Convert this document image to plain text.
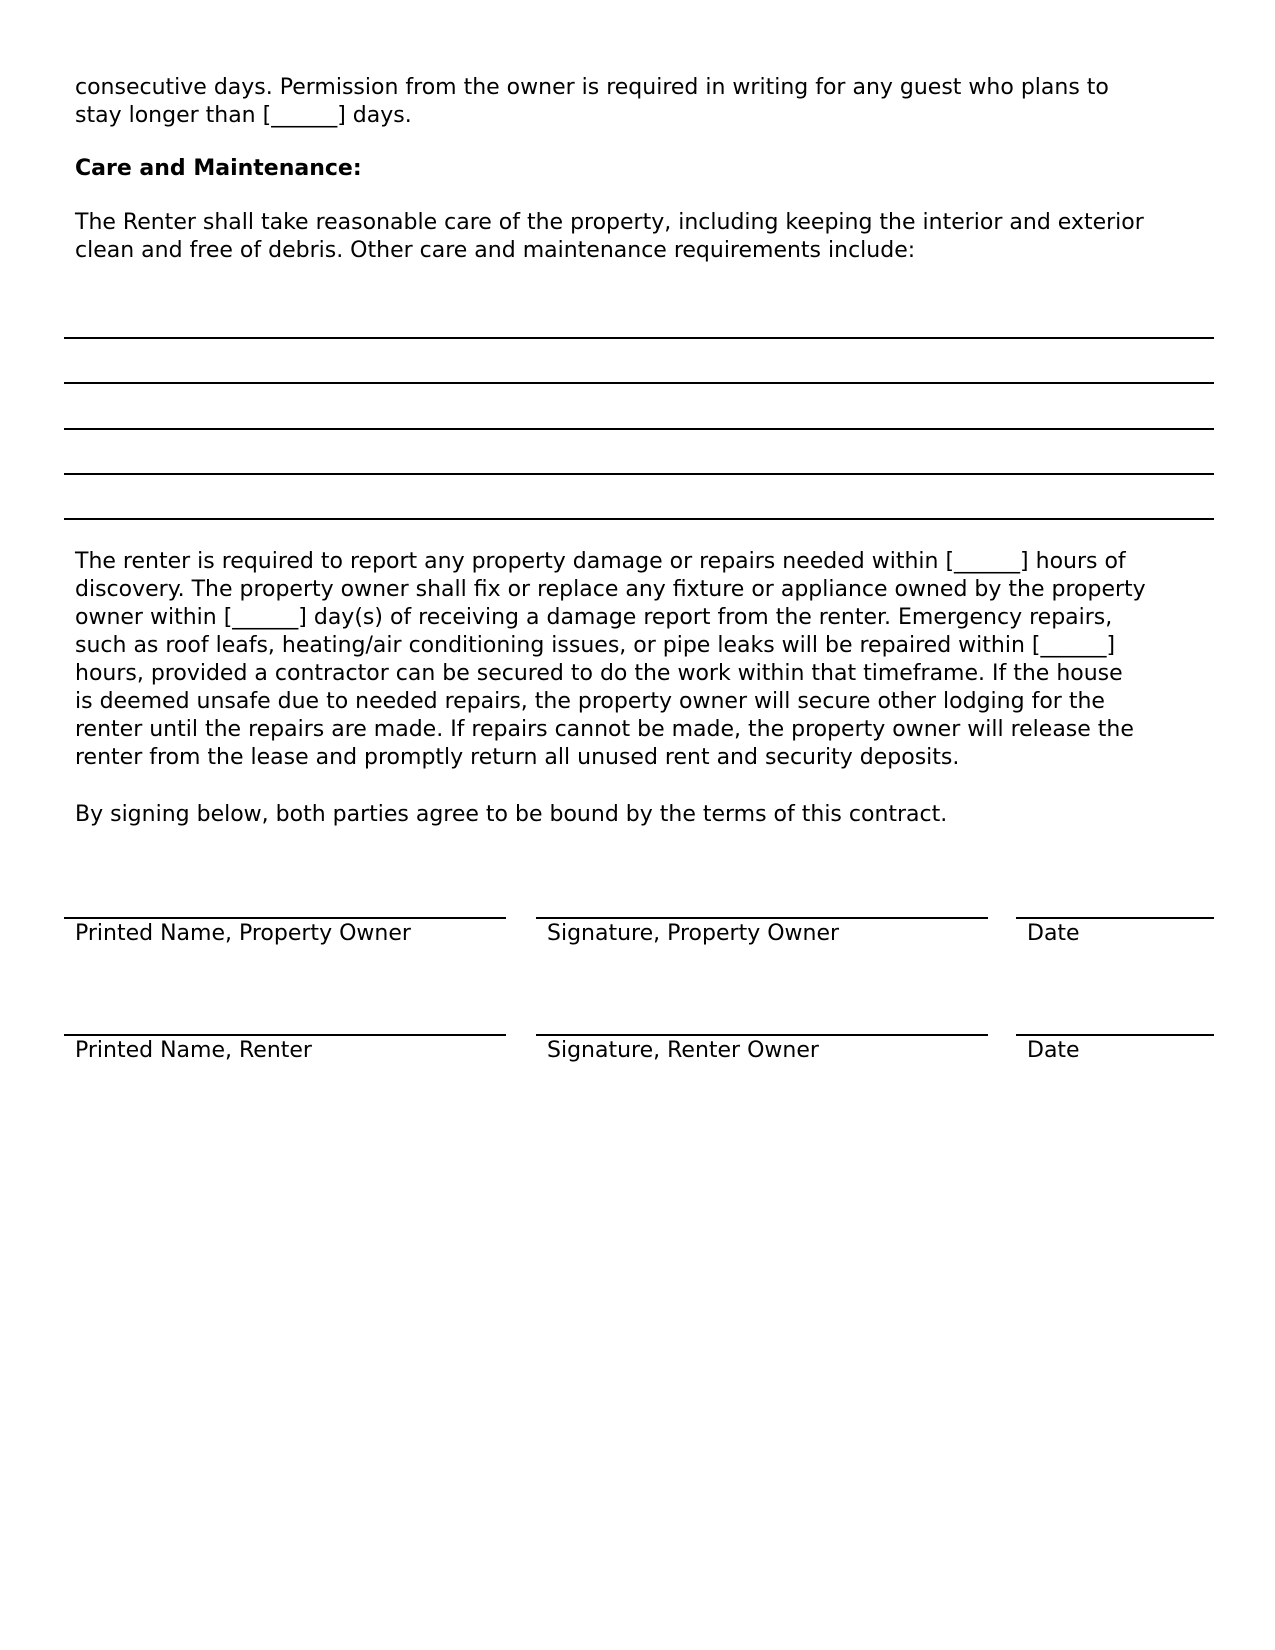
consecutive days. Permission from the owner is required in writing for any guest who plans to
stay longer than [______] days.

Care and Maintenance:

The Renter shall take reasonable care of the property, including keeping the interior and exterior
clean and free of debris. Other care and maintenance requirements include:

The renter is required to report any property damage or repairs needed within [______] hours of
discovery. The property owner shall fix or replace any fixture or appliance owned by the property
owner within [______] day(s) of receiving a damage report from the renter. Emergency repairs,
such as roof leafs, heating/air conditioning issues, or pipe leaks will be repaired within [______]
hours, provided a contractor can be secured to do the work within that timeframe. If the house
is deemed unsafe due to needed repairs, the property owner will secure other lodging for the
renter until the repairs are made. If repairs cannot be made, the property owner will release the
renter from the lease and promptly return all unused rent and security deposits.

By signing below, both parties agree to be bound by the terms of this contract.

Printed Name, Property Owner	Signature, Property Owner	Date
Printed Name, Renter	Signature, Renter Owner	Date
